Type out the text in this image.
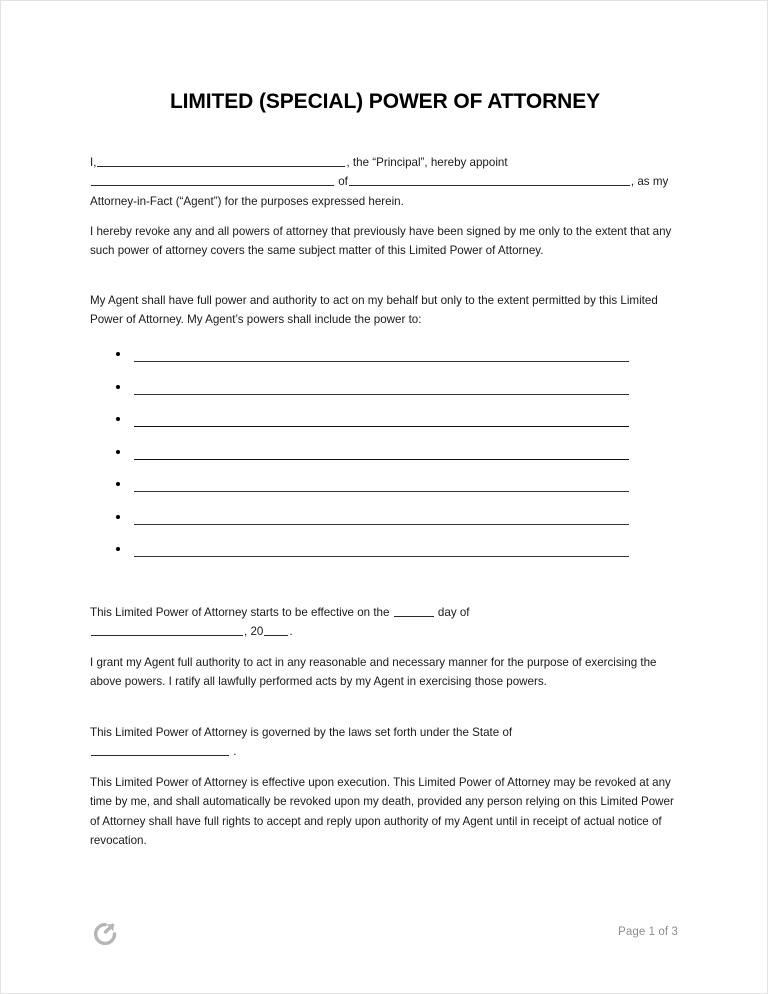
LIMITED (SPECIAL) POWER OF ATTORNEY
I,	, the “Principal”, hereby appoint
of	, as my
Attorney-in-Fact (“Agent”) for the purposes expressed herein.
I hereby revoke any and all powers of attorney that previously have been signed by me only to the extent that any such power of attorney covers the same subject matter of this Limited Power of Attorney.
My Agent shall have full power and authority to act on my behalf but only to the extent permitted by this Limited Power of Attorney. My Agent’s powers shall include the power to:
This Limited Power of Attorney starts to be effective on the	day of
, 20 .
I grant my Agent full authority to act in any reasonable and necessary manner for the purpose of exercising the above powers. I ratify all lawfully performed acts by my Agent in exercising those powers.
This Limited Power of Attorney is governed by the laws set forth under the State of
.
This Limited Power of Attorney is effective upon execution. This Limited Power of Attorney may be revoked at any time by me, and shall automatically be revoked upon my death, provided any person relying on this Limited Power of Attorney shall have full rights to accept and reply upon authority of my Agent until in receipt of actual notice of revocation.
Page 1 of 3
